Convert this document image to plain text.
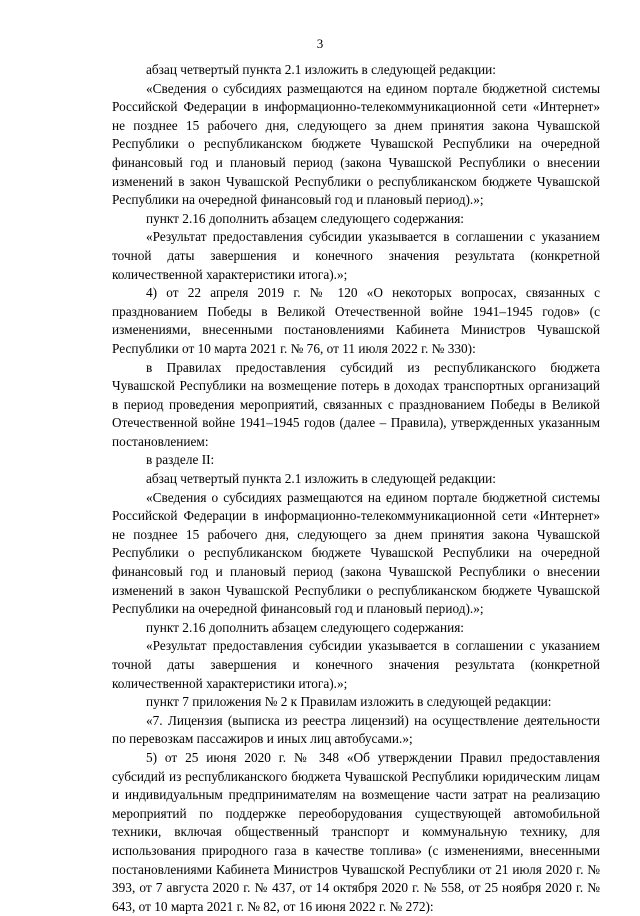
3

абзац четвертый пункта 2.1 изложить в следующей редакции:

«Сведения о субсидиях размещаются на едином портале бюджетной системы Российской Федерации в информационно-телекоммуникационной сети «Интернет» не позднее 15 рабочего дня, следующего за днем принятия закона Чувашской Республики о республиканском бюджете Чувашской Республики на очередной финансовый год и плановый период (закона Чувашской Республики о внесении изменений в закон Чувашской Республики о республиканском бюджете Чувашской Республики на очередной финансовый год и плановый период).»;

пункт 2.16 дополнить абзацем следующего содержания:

«Результат предоставления субсидии указывается в соглашении с указанием точной даты завершения и конечного значения результата (конкретной количественной характеристики итога).»;

4) от 22 апреля 2019 г. № 120 «О некоторых вопросах, связанных с празднованием Победы в Великой Отечественной войне 1941–1945 годов» (с изменениями, внесенными постановлениями Кабинета Министров Чувашской Республики от 10 марта 2021 г. № 76, от 11 июля 2022 г. № 330):

в Правилах предоставления субсидий из республиканского бюджета Чувашской Республики на возмещение потерь в доходах транспортных организаций в период проведения мероприятий, связанных с празднованием Победы в Великой Отечественной войне 1941–1945 годов (далее – Правила), утвержденных указанным постановлением:

в разделе II:

абзац четвертый пункта 2.1 изложить в следующей редакции:

«Сведения о субсидиях размещаются на едином портале бюджетной системы Российской Федерации в информационно-телекоммуникационной сети «Интернет» не позднее 15 рабочего дня, следующего за днем принятия закона Чувашской Республики о республиканском бюджете Чувашской Республики на очередной финансовый год и плановый период (закона Чувашской Республики о внесении изменений в закон Чувашской Республики о республиканском бюджете Чувашской Республики на очередной финансовый год и плановый период).»;

пункт 2.16 дополнить абзацем следующего содержания:

«Результат предоставления субсидии указывается в соглашении с указанием точной даты завершения и конечного значения результата (конкретной количественной характеристики итога).»;

пункт 7 приложения № 2 к Правилам изложить в следующей редакции:

«7. Лицензия (выписка из реестра лицензий) на осуществление деятельности по перевозкам пассажиров и иных лиц автобусами.»;

5) от 25 июня 2020 г. № 348 «Об утверждении Правил предоставления субсидий из республиканского бюджета Чувашской Республики юридическим лицам и индивидуальным предпринимателям на возмещение части затрат на реализацию мероприятий по поддержке переоборудования существующей автомобильной техники, включая общественный транспорт и коммунальную технику, для использования природного газа в качестве топлива» (с изменениями, внесенными постановлениями Кабинета Министров Чувашской Республики от 21 июля 2020 г. № 393, от 7 августа 2020 г. № 437, от 14 октября 2020 г. № 558, от 25 ноября 2020 г. № 643, от 10 марта 2021 г. № 82, от 16 июня 2022 г. № 272):
